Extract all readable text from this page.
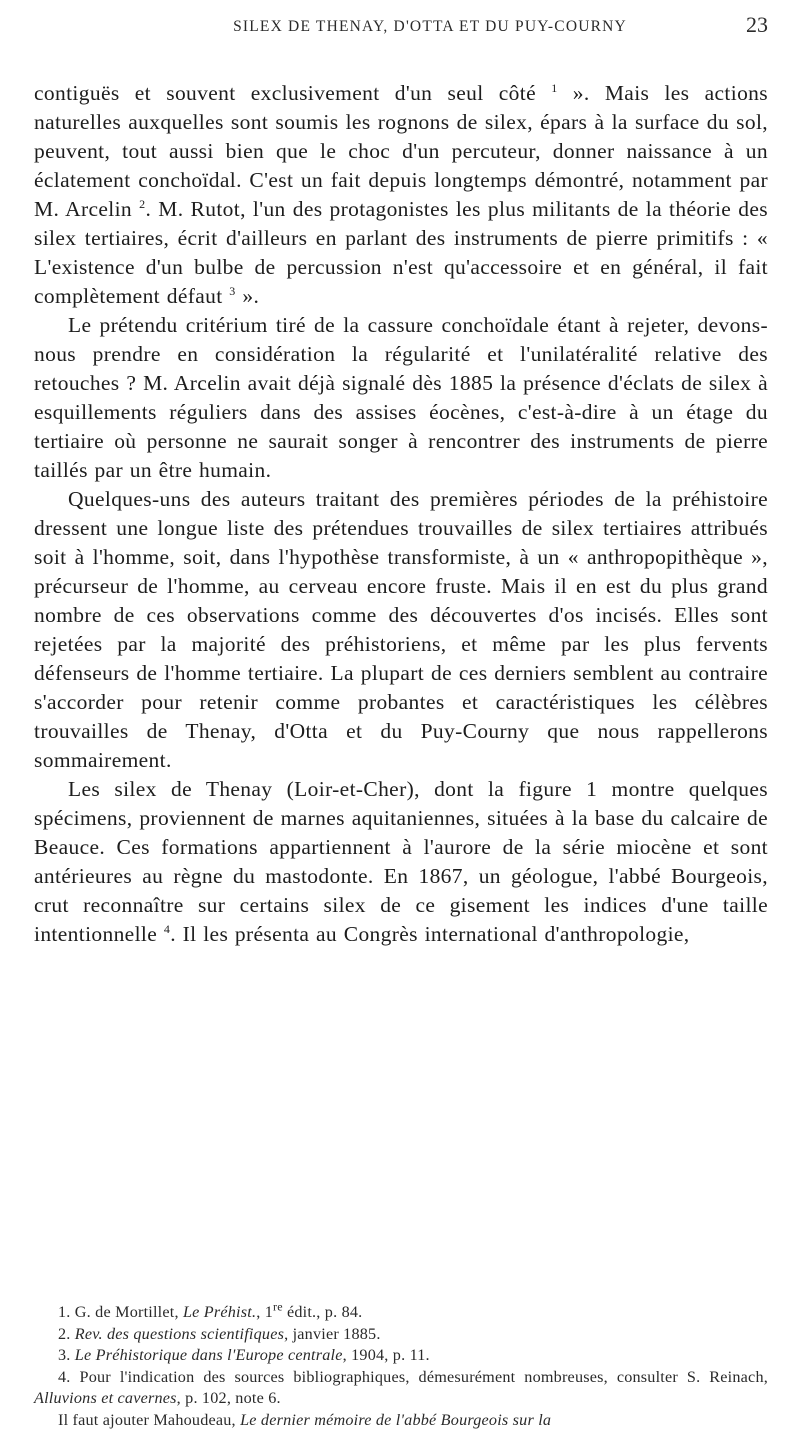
SILEX DE THENAY, D'OTTA ET DU PUY-COURNY	23

contiguës et souvent exclusivement d'un seul côté $^1$ ». Mais les actions naturelles auxquelles sont soumis les rognons de silex, épars à la surface du sol, peuvent, tout aussi bien que le choc d'un percuteur, donner naissance à un éclatement conchoïdal. C'est un fait depuis longtemps démontré, notamment par M. Arcelin $^2$. M. Rutot, l'un des protagonistes les plus militants de la théorie des silex tertiaires, écrit d'ailleurs en parlant des instruments de pierre primitifs : « L'existence d'un bulbe de percussion n'est qu'accessoire et en général, il fait complètement défaut $^3$ ».

Le prétendu critérium tiré de la cassure conchoïdale étant à rejeter, devons-nous prendre en considération la régularité et l'unilatéralité relative des retouches ? M. Arcelin avait déjà signalé dès 1885 la présence d'éclats de silex à esquillements réguliers dans des assises éocènes, c'est-à-dire à un étage du tertiaire où personne ne saurait songer à rencontrer des instruments de pierre taillés par un être humain.

Quelques-uns des auteurs traitant des premières périodes de la préhistoire dressent une longue liste des prétendues trouvailles de silex tertiaires attribués soit à l'homme, soit, dans l'hypothèse transformiste, à un « anthropopithèque », précurseur de l'homme, au cerveau encore fruste. Mais il en est du plus grand nombre de ces observations comme des découvertes d'os incisés. Elles sont rejetées par la majorité des préhistoriens, et même par les plus fervents défenseurs de l'homme tertiaire. La plupart de ces derniers semblent au contraire s'accorder pour retenir comme probantes et caractéristiques les célèbres trouvailles de Thenay, d'Otta et du Puy-Courny que nous rappellerons sommairement.

Les silex de Thenay (Loir-et-Cher), dont la figure 1 montre quelques spécimens, proviennent de marnes aquitaniennes, situées à la base du calcaire de Beauce. Ces formations appartiennent à l'aurore de la série miocène et sont antérieures au règne du mastodonte. En 1867, un géologue, l'abbé Bourgeois, crut reconnaître sur certains silex de ce gisement les indices d'une taille intentionnelle $^4$. Il les présenta au Congrès international d'anthropologie,

1. G. de Mortillet, Le Préhist., 1re édit., p. 84.

2. Rev. des questions scientifiques, janvier 1885.

3. Le Préhistorique dans l'Europe centrale, 1904, p. 11.

4. Pour l'indication des sources bibliographiques, démesurément nombreuses, consulter S. Reinach, Alluvions et cavernes, p. 102, note 6.

Il faut ajouter Mahoudeau, Le dernier mémoire de l'abbé Bourgeois sur la
